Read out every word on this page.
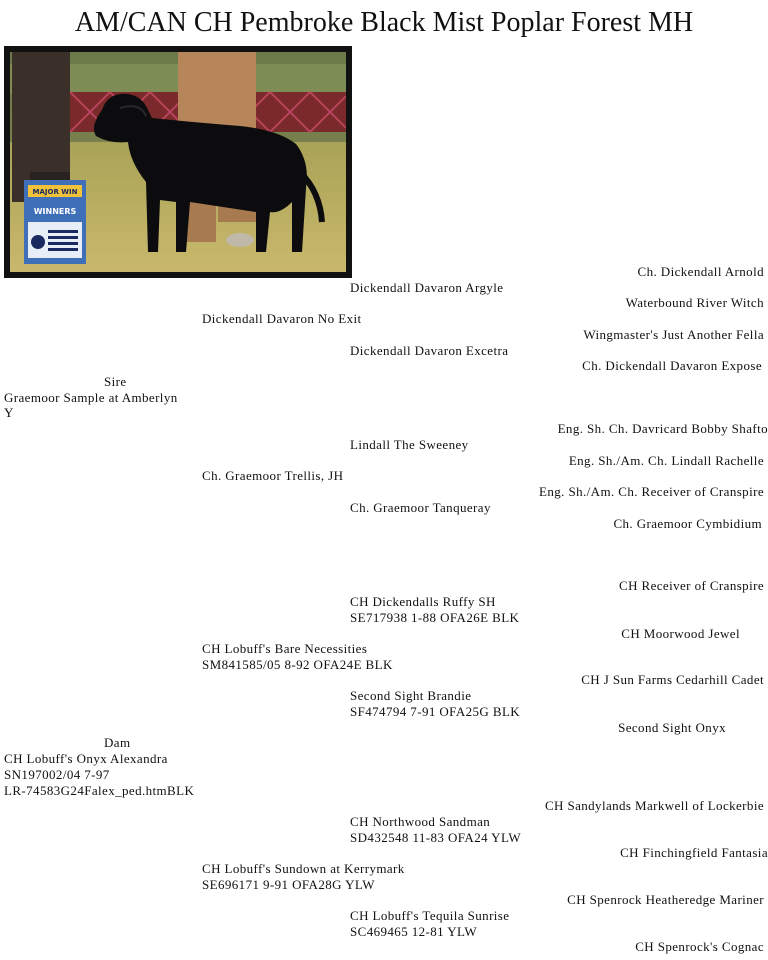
AM/CAN CH Pembroke Black Mist Poplar Forest MH
MAJOR WIN
WINNERS
Ch. Dickendall Arnold
Dickendall Davaron Argyle
Waterbound River Witch
Dickendall Davaron No Exit
Wingmaster's Just Another Fella
Dickendall Davaron Excetra
Ch. Dickendall Davaron Expose
Sire
Graemoor Sample at Amberlyn
Y
Eng. Sh. Ch. Davricard Bobby Shafto
Lindall The Sweeney
Eng. Sh./Am. Ch. Lindall Rachelle
Ch. Graemoor Trellis, JH
Eng. Sh./Am. Ch. Receiver of Cranspire
Ch. Graemoor Tanqueray
Ch. Graemoor Cymbidium
CH Receiver of Cranspire
CH Dickendalls Ruffy SH
SE717938 1-88 OFA26E BLK
CH Moorwood Jewel
CH Lobuff's Bare Necessities
SM841585/05 8-92 OFA24E BLK
CH J Sun Farms Cedarhill Cadet
Second Sight Brandie
SF474794 7-91 OFA25G BLK
Second Sight Onyx
Dam
CH Lobuff's Onyx Alexandra
SN197002/04 7-97
LR-74583G24Falex_ped.htmBLK
CH Sandylands Markwell of Lockerbie
CH Northwood Sandman
SD432548 11-83 OFA24 YLW
CH Finchingfield Fantasia
CH Lobuff's Sundown at Kerrymark
SE696171 9-91 OFA28G YLW
CH Spenrock Heatheredge Mariner
CH Lobuff's Tequila Sunrise
SC469465 12-81 YLW
CH Spenrock's Cognac
